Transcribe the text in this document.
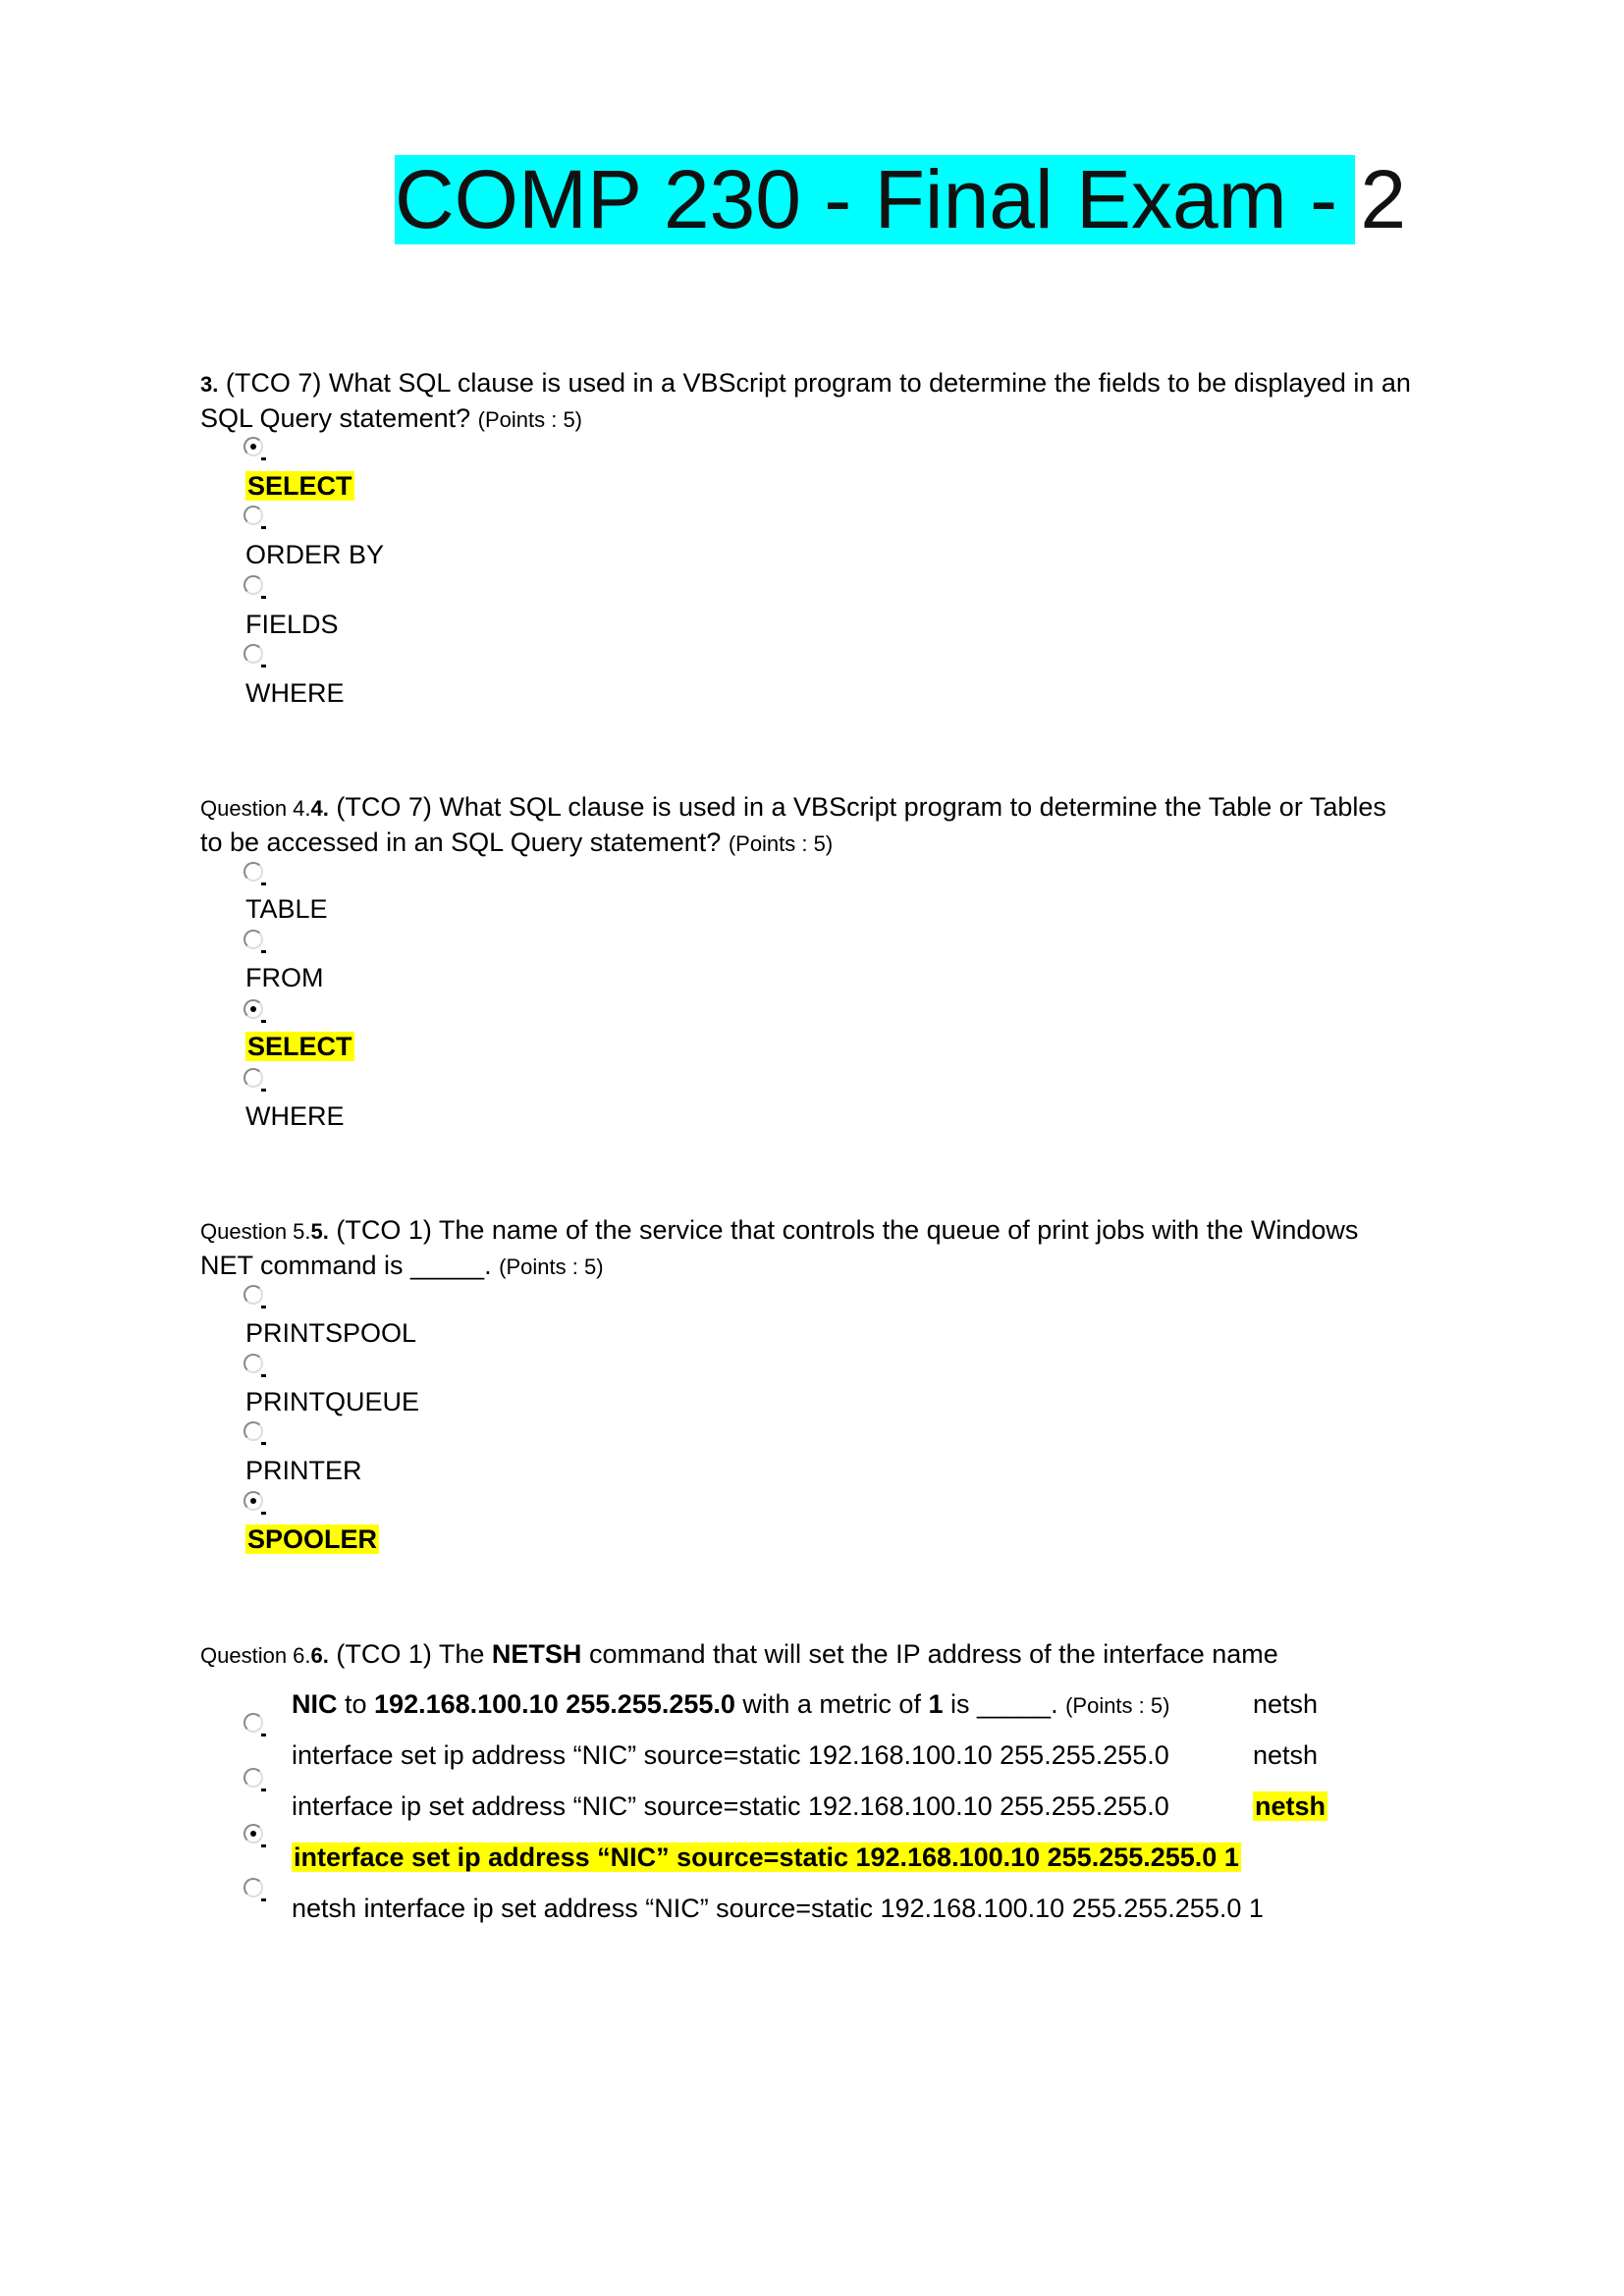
COMP 230 - Final Exam - 2
3. (TCO 7) What SQL clause is used in a VBScript program to determine the fields to be displayed in an
SQL Query statement? (Points : 5)
SELECT
ORDER BY
FIELDS
WHERE
Question 4.4. (TCO 7) What SQL clause is used in a VBScript program to determine the Table or Tables
to be accessed in an SQL Query statement? (Points : 5)
TABLE
FROM
SELECT
WHERE
Question 5.5. (TCO 1) The name of the service that controls the queue of print jobs with the Windows
NET command is _____. (Points : 5)
PRINTSPOOL
PRINTQUEUE
PRINTER
SPOOLER
Question 6.6. (TCO 1) The NETSH command that will set the IP address of the interface name
NIC to 192.168.100.10 255.255.255.0 with a metric of 1 is _____. (Points : 5)	netsh
interface set ip address “NIC” source=static 192.168.100.10 255.255.255.0	netsh
interface ip set address “NIC” source=static 192.168.100.10 255.255.255.0	netsh
interface set ip address “NIC” source=static 192.168.100.10 255.255.255.0 1
netsh interface ip set address “NIC” source=static 192.168.100.10 255.255.255.0 1
